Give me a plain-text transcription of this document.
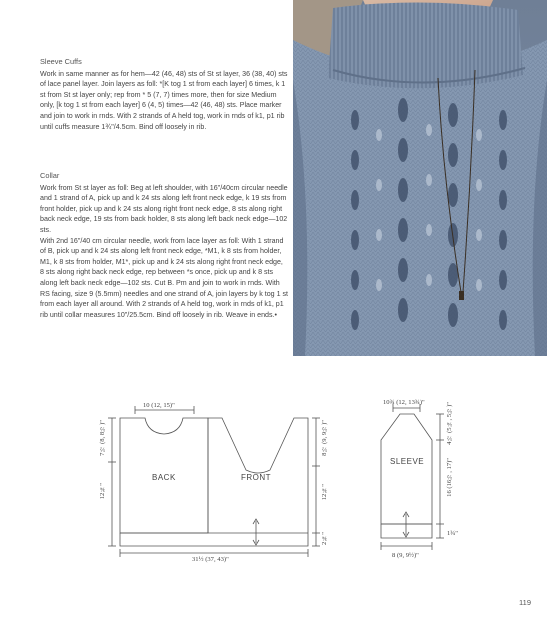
Sleeve Cuffs

Work in same manner as for hem—42 (46, 48) sts of St st layer, 36 (38, 40) sts of lace panel layer. Join layers as foll: *[K tog 1 st from each layer] 6 times, k 1 st from St st layer only; rep from * 5 (7, 7) times more, then for size Medium only, [k tog 1 st from each layer] 6 (4, 5) times—42 (46, 48) sts. Place marker and join to work in rnds. With 2 strands of A held tog, work in rnds of k1, p1 rib until cuffs measure 1¾"/4.5cm. Bind off loosely in rib.

Collar

Work from St st layer as foll: Beg at left shoulder, with 16"/40cm circular needle and 1 strand of A, pick up and k 24 sts along left front neck edge, k 19 sts from front holder, pick up and k 24 sts along right front neck edge, 8 sts along right back neck edge, 19 sts from back holder, 8 sts along left back neck edge—102 sts.

With 2nd 16"/40 cm circular needle, work from lace layer as foll: With 1 strand of B, pick up and k 24 sts along left front neck edge, *M1, k 8 sts from holder, M1, k 8 sts from holder, M1*, pick up and k 24 sts along right front neck edge, 8 sts along right back neck edge, rep between *s once, pick up and k 8 sts along left back neck edge—102 sts. Cut B. Pm and join to work in rnds. With RS facing, size 9 (5.5mm) needles and one strand of A, join layers by k tog 1 st from each layer all around. With 2 strands of A held tog, work in rnds of k1, p1 rib until collar measures 10"/25.5cm. Bind off loosely in rib. Weave in ends.•

10 (12, 15)"
7½ (8, 8½)"
12¾"
8½ (9, 9½)"
12¾"
2¾"
31½ (37, 43)"
BACK	FRONT
SLEEVE
10¾ (12, 13¾)"	4½ (5¼, 5½)"
16 (16½, 17)"
1¾"
8 (9, 9½)"
119
